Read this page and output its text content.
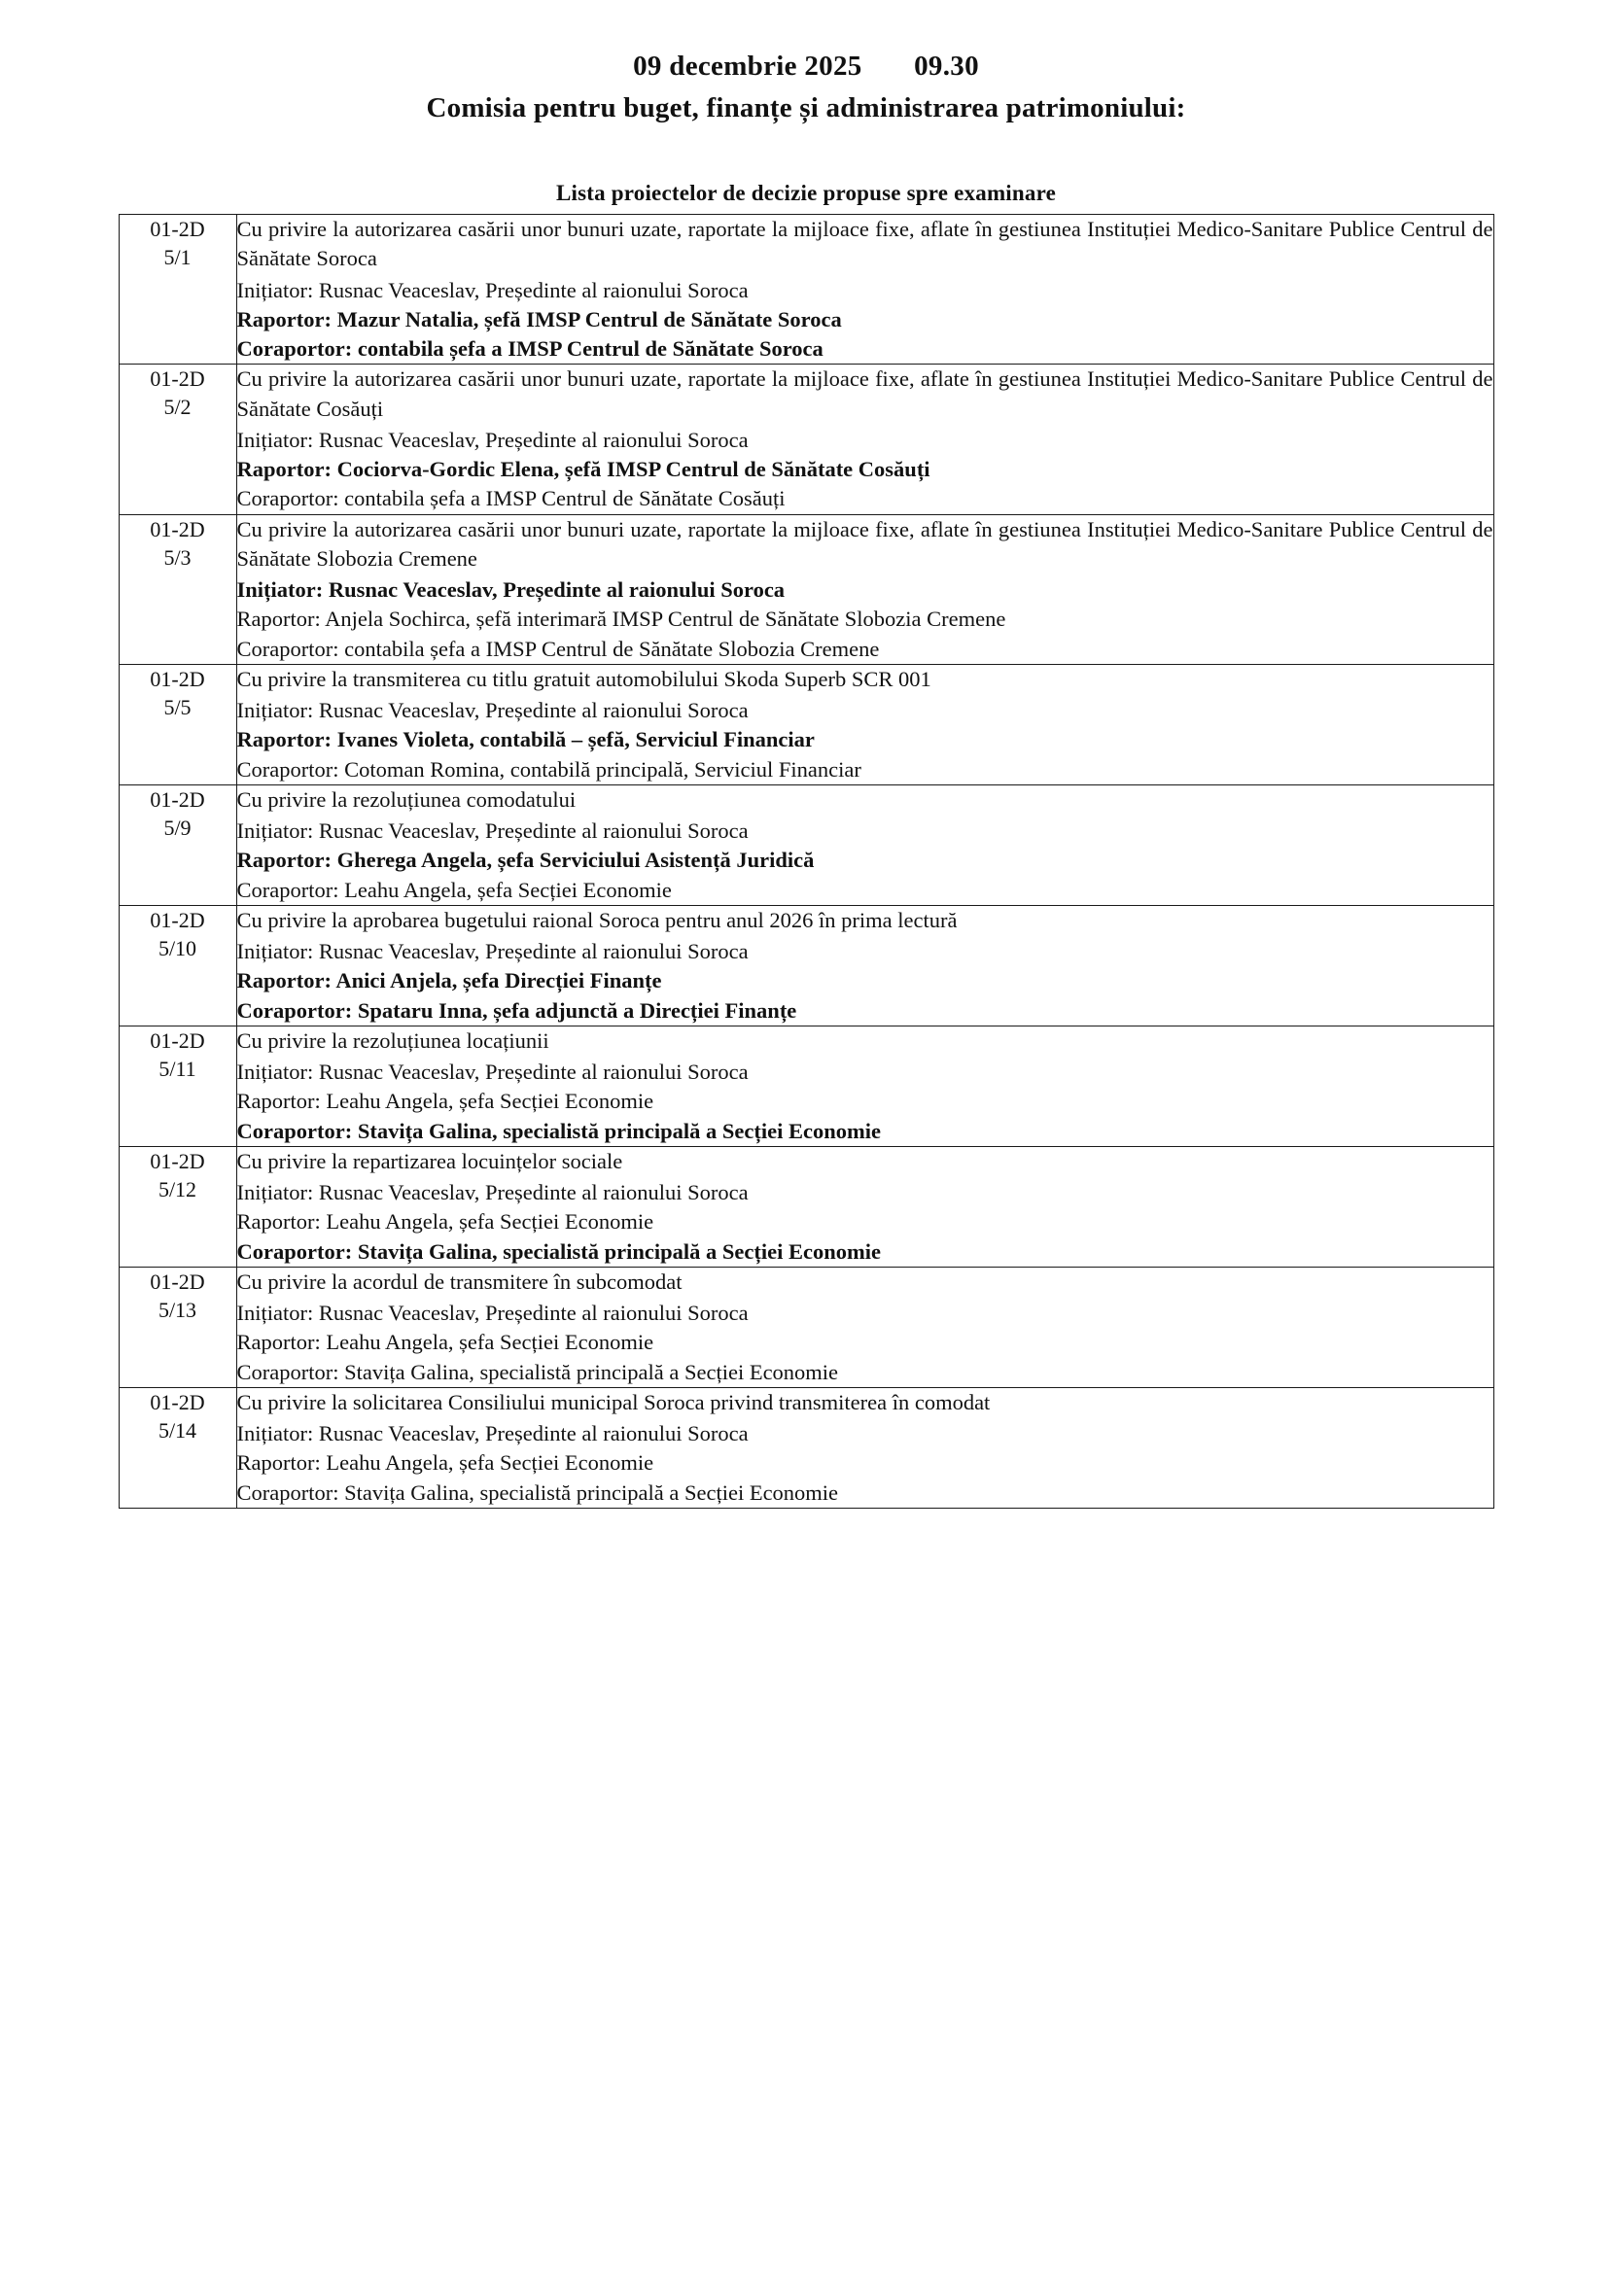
09 decembrie 2025 09.30
Comisia pentru buget, finanțe și administrarea patrimoniului:
Lista proiectelor de decizie propuse spre examinare
01-2D
5/1

Cu privire la autorizarea casării unor bunuri uzate, raportate la mijloace fixe, aflate în gestiunea Instituției Medico-Sanitare Publice Centrul de Sănătate Soroca

Inițiator: Rusnac Veaceslav, Președinte al raionului Soroca

Raportor: Mazur Natalia, șefă IMSP Centrul de Sănătate Soroca

Coraportor: contabila șefa a IMSP Centrul de Sănătate Soroca

01-2D
5/2

Cu privire la autorizarea casării unor bunuri uzate, raportate la mijloace fixe, aflate în gestiunea Instituției Medico-Sanitare Publice Centrul de Sănătate Cosăuți

Inițiator: Rusnac Veaceslav, Președinte al raionului Soroca

Raportor: Cociorva-Gordic Elena, șefă IMSP Centrul de Sănătate Cosăuți

Coraportor: contabila șefa a IMSP Centrul de Sănătate Cosăuți

01-2D
5/3

Cu privire la autorizarea casării unor bunuri uzate, raportate la mijloace fixe, aflate în gestiunea Instituției Medico-Sanitare Publice Centrul de Sănătate Slobozia Cremene

Inițiator: Rusnac Veaceslav, Președinte al raionului Soroca

Raportor: Anjela Sochirca, șefă interimară IMSP Centrul de Sănătate Slobozia Cremene

Coraportor: contabila șefa a IMSP Centrul de Sănătate Slobozia Cremene

01-2D
5/5

Cu privire la transmiterea cu titlu gratuit automobilului Skoda Superb SCR 001

Inițiator: Rusnac Veaceslav, Președinte al raionului Soroca

Raportor: Ivanes Violeta, contabilă – șefă, Serviciul Financiar

Coraportor: Cotoman Romina, contabilă principală, Serviciul Financiar

01-2D
5/9

Cu privire la rezoluțiunea comodatului

Inițiator: Rusnac Veaceslav, Președinte al raionului Soroca

Raportor: Gherega Angela, șefa Serviciului Asistență Juridică

Coraportor: Leahu Angela, șefa Secției Economie

01-2D
5/10

Cu privire la aprobarea bugetului raional Soroca pentru anul 2026 în prima lectură

Inițiator: Rusnac Veaceslav, Președinte al raionului Soroca

Raportor: Anici Anjela, șefa Direcției Finanțe

Coraportor: Spataru Inna, șefa adjunctă a Direcției Finanțe

01-2D
5/11

Cu privire la rezoluțiunea locațiunii

Inițiator: Rusnac Veaceslav, Președinte al raionului Soroca

Raportor: Leahu Angela, șefa Secției Economie

Coraportor: Stavița Galina, specialistă principală a Secției Economie

01-2D
5/12

Cu privire la repartizarea locuințelor sociale

Inițiator: Rusnac Veaceslav, Președinte al raionului Soroca

Raportor: Leahu Angela, șefa Secției Economie

Coraportor: Stavița Galina, specialistă principală a Secției Economie

01-2D
5/13

Cu privire la acordul de transmitere în subcomodat

Inițiator: Rusnac Veaceslav, Președinte al raionului Soroca

Raportor: Leahu Angela, șefa Secției Economie

Coraportor: Stavița Galina, specialistă principală a Secției Economie

01-2D
5/14

Cu privire la solicitarea Consiliului municipal Soroca privind transmiterea în comodat

Inițiator: Rusnac Veaceslav, Președinte al raionului Soroca

Raportor: Leahu Angela, șefa Secției Economie

Coraportor: Stavița Galina, specialistă principală a Secției Economie
